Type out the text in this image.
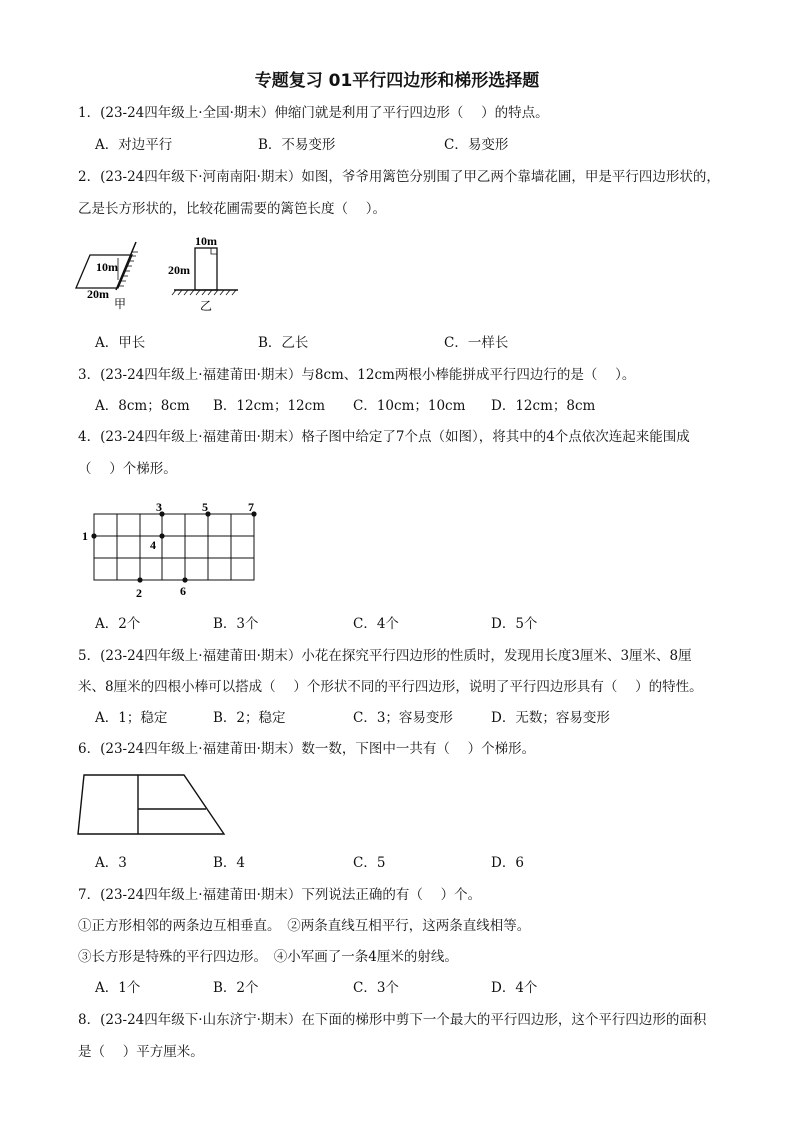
专题复习 01平行四边形和梯形选择题
1．(23-24四年级上·全国·期末）伸缩门就是利用了平行四边形（　 ）的特点。
A．对边平行	B．不易变形	C．易变形
2．(23-24四年级下·河南南阳·期末）如图，爷爷用篱笆分别围了甲乙两个靠墙花圃，甲是平行四边形状的，
乙是长方形状的，比较花圃需要的篱笆长度（　 ）。
10m
20m
甲
10m
20m
乙
A．甲长	B．乙长	C．一样长
3．(23-24四年级上·福建莆田·期末）与8cm、12cm两根小棒能拼成平行四边行的是（　 ）。
A．8cm；8cm B．12cm；12cm C．10cm；10cm D．12cm；8cm
4．(23-24四年级上·福建莆田·期末）格子图中给定了7个点（如图），将其中的4个点依次连起来能围成
（　 ）个梯形。
1
2
3
4
5
6
7
A．2个	B．3个	C．4个	D．5个
5．(23-24四年级上·福建莆田·期末）小花在探究平行四边形的性质时，发现用长度3厘米、3厘米、8厘
米、8厘米的四根小棒可以搭成（　 ）个形状不同的平行四边形，说明了平行四边形具有（　 ）的特性。
A．1；稳定	B．2；稳定	C．3；容易变形	D．无数；容易变形
6．(23-24四年级上·福建莆田·期末）数一数，下图中一共有（　 ）个梯形。
A．3	B．4	C．5	D．6
7．(23-24四年级上·福建莆田·期末）下列说法正确的有（　 ）个。
①正方形相邻的两条边互相垂直。　②两条直线互相平行，这两条直线相等。
③长方形是特殊的平行四边形。　④小军画了一条4厘米的射线。
A．1个	B．2个	C．3个	D．4个
8．(23-24四年级下·山东济宁·期末）在下面的梯形中剪下一个最大的平行四边形，这个平行四边形的面积
是（　 ）平方厘米。
